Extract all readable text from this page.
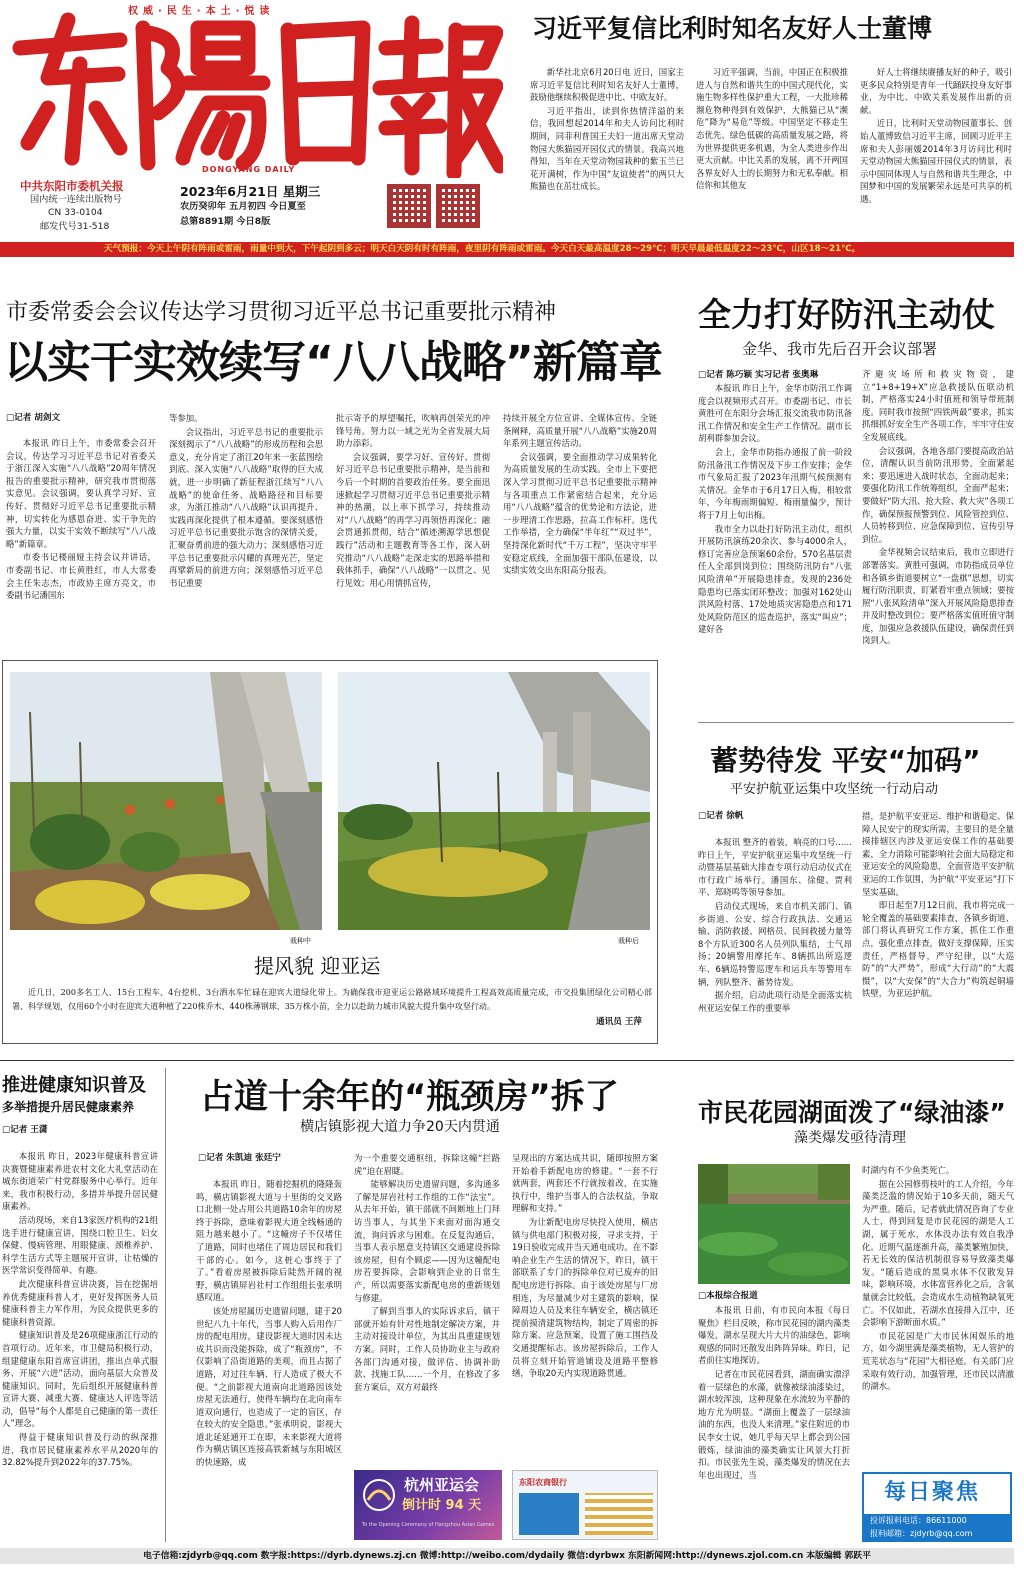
权威·民生·本土·悦读
DONGYANG DAILY
中共东阳市委机关报
国内统一连续出版物号
CN 33-0104
邮发代号31-518
2023年6月21日 星期三
农历癸卯年 五月初四 今日夏至
总第8891期 今日8版
天气预报：今天上午阴有阵雨或雷雨，雨量中到大，下午起阴到多云；明天白天阴有时有阵雨，夜里阴有阵雨或雷雨。今天白天最高温度28～29℃；明天早晨最低温度22～23℃，山区18～21℃。
习近平复信比利时知名友好人士董博

新华社北京6月20日电 近日，国家主席习近平复信比利时知名友好人士董博，鼓励他继续积极促进中比、中欧友好。

习近平指出，读到你热情洋溢的来信，我回想起2014年和夫人访问比利时期间，同菲利普国王夫妇一道出席天堂动物园大熊猫园开园仪式的情景。我高兴地得知，当年在天堂动物园栽种的紫玉兰已花开满树，作为中国“友谊使者”的两只大熊猫也在茁壮成长。

习近平强调，当前，中国正在积极推进人与自然和谐共生的中国式现代化，实施生物多样性保护重大工程，一大批珍稀濒危物种得到有效保护，大熊猫已从“濒危”降为“易危”等级。中国坚定不移走生态优先、绿色低碳的高质量发展之路，将为世界提供更多机遇，为全人类进步作出更大贡献。中比关系的发展，离不开两国各界友好人士的长期努力和无私奉献。相信你和其他友

好人士将继续赓播友好的种子，吸引更多民众特别是青年一代踊跃投身友好事业，为中比、中欧关系发展作出新的贡献。

近日，比利时天堂动物园董事长、创始人董博致信习近平主席，回顾习近平主席和夫人彭丽媛2014年3月访问比利时天堂动物园大熊猫园开园仪式的情景，表示中国同体现人与自然和谐共生理念，中国梦和中国的发展繁荣永远是可共享的机遇。

市委常委会会议传达学习贯彻习近平总书记重要批示精神
以实干实效续写“八八战略”新篇章
□记者 胡剑文

本报讯 昨日上午，市委常委会召开会议，传达学习习近平总书记对省委关于浙江深入实施“八八战略”20周年情况报告的重要批示精神，研究我市贯彻落实意见。会议强调，要认真学习好、宣传好、贯彻好习近平总书记重要批示精神，切实转化为感恩奋进、实干争先的强大力量，以实干实效不断续写“八八战略”新篇章。

市委书记楼丽娅主持会议并讲话，市委副书记、市长黄胜红，市人大常委会主任朱志杰，市政协主席方亮文，市委副书记潘国东

等参加。

会议指出，习近平总书记的重要批示深刻揭示了“八八战略”的形成历程和会思意义，充分肯定了浙江20年来一张蓝图绘到底、深入实施“八八战略”取得的巨大成就，进一步明确了新征程浙江续写“八八战略”的使命任务、战略路径和目标要求，为浙江推动“八八战略”认识再提升、实践再深化提供了根本遵循。要深刻感悟习近平总书记重要批示饱含的深情关爱，汇聚奋勇前进的强大动力；深刻感悟习近平总书记重要批示闪耀的真理光芒，坚定再擘新局的前进方向；深刻感悟习近平总书记重要

批示寄予的厚望嘱托，吹响再创荣光的冲锋号角。努力以一域之光为全省发展大局助力添彩。

会议强调，要学习好、宣传好、贯彻好习近平总书记重要批示精神，是当前和今后一个时期的首要政治任务。要全面迅速掀起学习贯彻习近平总书记重要批示精神的热潮，以上率下抓学习，持续推动对“八八战略”的再学习再领悟再深化；融会贯通抓贯彻，结合“循迹溯源学思想促践行”活动和主题教育等各工作，深入研究推动“八八战略”走深走实的思路举措和载体抓手，确保“八八战略”一以贯之、见行见效；用心用情抓宣传，

持续开展全方位宣讲、全媒体宣传、全链条阐释，高质量开展“八八战略”实施20周年系列主题宣传活动。

会议强调，要全面推动学习成果转化为高质量发展的生动实践。全市上下要把深入学习贯彻习近平总书记重要批示精神与各项重点工作紧密结合起来，充分运用“八八战略”蕴含的优势论和方法论，进一步理清工作思路，拉高工作标杆。选代工作举措，全力确保“半年红”“双过半”，坚持深化新时代“千万工程”，坚决守牢平安稳定底线，全面加强干部队伍建设，以实绩实效交出东阳高分报表。

全力打好防汛主动仗
金华、我市先后召开会议部署
□记者 陈巧颖 实习记者 张奥琳

本报讯 昨日上午，金华市防汛工作调度会以视频形式召开。市委副书记、市长黄胜可在东阳分会场汇报交流我市防汛备汛工作情况和安全生产工作情况。副市长胡利群参加会议。

会上，金华市防指办通报了前一阶段防汛备汛工作情况及下步工作安排；金华市气象局汇报了2023年汛期气候预测有关情况。金华市于6月17日入梅，相较常年，今年梅雨期偏短、梅雨量偏少，预计将于7月上旬出梅。

我市全力以赴打好防汛主动仗，组织开展防汛演练20余次、参与4000余人，修订完善应急预案60余份，570名基层责任人全部到岗到位；围绕防汛防台“八张风险清单”开展隐患排查，发现的236处隐患均已落实闭环整改；加强对162处山洪风险村落、17处地质灾害隐患点和171处风险防范区的巡查巡护，落实“叫应”；建好各

齐避灾场所和救灾物资，建立“1+8+19+X”应急救援队伍联动机制，严格落实24小时值班和领导带班制度。同时我市按照“四铁两最”要求，抓实抓细抓好安全生产各项工作，牢牢守住安全发展底线。

会议强调，各地各部门要提高政治站位，清醒认识当前防汛形势，全面紧起来；要迅速进入战时状态，全面动起来；要强化防汛工作统筹组织，全面严起来；要做好“防大汛、抢大险、救大灾”各项工作，确保预报预警到位、风险管控到位、人员转移到位、应急保障到位、宣传引导到位。

金华视频会议结束后，我市立即进行部署落实。黄胜可强调，市防指成员单位和各镇乡街道要树立“一盘棋”思想，切实履行防汛职责，盯紧看牢重点领域；要按照“八张风险清单”深入开展风险隐患排查并及时整改到位；要严格落实值班值守制度，加强应急救援队伍建设，确保责任到岗到人。

栽种中	栽种后
提风貌 迎亚运

近几日，200多名工人、15台工程车、4台挖机、3台洒水车忙碌在迎宾大道绿化带上。为确保我市迎亚运公路路域环境提升工程高效高质量完成，市交投集团绿化公司精心部署、科学规划，仅用60个小时在迎宾大道种植了220株乔木、440株薄钢球、35万株小苗，全力以赴助力城市风貌大提升集中攻坚行动。

通讯员 王萍
蓄势待发 平安“加码”
平安护航亚运集中攻坚统一行动启动
□记者 徐帆

本报讯 整齐的着装，响亮的口号……昨日上午，平安护航亚运集中攻坚统一行动暨基层基础大排查专项行动启动仪式在市行政广场举行。潘国东、徐健、贾利平、郑晓鸣等领导参加。

启动仪式现场，来自市机关部门、镇乡街道、公安、综合行政执法、交通运输、消防救援、网格员、民间救援力量等8个方队近300名人员列队集结，士气昂扬；20辆警用摩托车、8辆抓出所巡逻车、6辆巡特警巡逻车和运兵车等警用车辆，列队整齐、蓄势待发。

据介绍，启动此项行动是全面落实杭州亚运安保工作的重要举

措，是护航平安亚运、维护和谐稳定、保障人民安宁的现实所需，主要目的是全量摸排辖区内涉及亚运安保工作的基础要素，全力消除可能影响社会面大局稳定和亚运安全的风险隐患，全面营造平安护航亚运的工作氛围，为护航“平安亚运”打下坚实基础。

即日起至7月12日前，我市将完成一轮全覆盖的基础要素排查，各镇乡街道、部门将认真研究工作方案，抓住工作重点，强化重点排查，做好支撑保障，压实责任，严格督导，严守纪律，以“大巡防”的“大严势”，形成“大行动”的“大震慑”，以“大安保”的“大合力”构筑起铜墙铁壁，为亚运护航。

推进健康知识普及
多举措提升居民健康素养
□记者 王潇

本报讯 昨日，2023年健康科普宣讲决赛暨健康素养进农村文化大礼堂活动在城东街道荣广村党群服务中心举行。近年来，我市积极行动，多措并举提升居民健康素养。

活动现场，来自13家医疗机构的21组选手进行健康宣讲，围绕口腔卫生、妇女保健、慢病管理、用眼健康、颈椎养护、科学生活方式等主题展开宣讲，让枯燥的医学常识变得简单、有趣。

此次健康科普宣讲决赛，旨在挖掘培养优秀健康科普人才，更好发挥医务人员健康科普主力军作用，为民众提供更多的健康科普资源。

健康知识普及是26项健康浙江行动的首项行动。近年来，市卫健局积极行动，组建健康东阳首席宣讲团，推出点单式服务、开展“六进”活动，面向基层大众普及健康知识。同时，先后组织开展健康科普宣讲大赛、减重大赛、健康达人评选等活动，倡导“每个人都是自己健康的第一责任人”理念。

得益于健康知识普及行动的纵深推进，我市居民健康素养水平从2020年的32.82%提升到2022年的37.75%。

占道十余年的“瓶颈房”拆了
横店镇影视大道力争20天内贯通
□记者 朱凯迪 张廷宁

本报讯 昨日，随着挖掘机的隆隆轰鸣，横店镇影视大道与十里街的交叉路口北侧一处占用公共道路10余年的房屋终于拆除，意味着影视大道全线畅通的阻力越来越小了。“这幢房子不仅堵住了道路，同时也堵住了周边居民和我们干部的心。如今，这桩心事终于了了。”看着房屋被拆除后陡然开阔的视野，横店镇屏岩社村工作组组长张承明感叹道。

该处房屋属历史遗留问题，建于20世纪八九十年代，当事人购入后用作厂房的配电用房，建设影视大道时因未达成共识而没能拆除，成了“瓶颈房”，不仅影响了沿街道路的美观，而且占据了道路，对过往车辆、行人造成了极大不便。“之前影视大道南向北道路因该处房屋无法通行，使得车辆均在北向南车道双向通行，也造成了一定的盲区，存在较大的安全隐患。”张承明说，影视大道北延延通开工在即，未来影视大道将作为横店镇区连接高铁新城与东阳城区的快速路，成

为一个重要交通枢纽，拆除这幢“拦路虎”迫在眉睫。

能够解决历史遗留问题，多沟通多了解是屏岩社村工作组的工作“法宝”。从去年开始，镇干部就不间断地上门拜访当事人，与其坐下来面对面沟通交流，询问诉求与困难。在反复沟通后，当事人表示愿意支持镇区交通建设拆除该房屋，但有个顾虑——因为这幢配电房若要拆除，会影响到企业的日常生产，所以需要落实新配电房的重新规划与修建。

了解到当事人的实际诉求后，镇干部就开始有针对性地制定解决方案，并主动对接设计单位，为其出具重建规划方案。同时，工作人员协助业主与政府各部门沟通对接，做评估、协调补助款、找施工队……一个月，在修改了多套方案后，双方对最终

呈现出的方案达成共识，随即按照方案开始着手新配电房的修建。“一套不行就两套，两套还不行就按着改，在实施执行中，维护当事人的合法权益，争取理解和支持。”

为让新配电房尽快投入使用，横店镇与供电部门积极对接，寻求支持，于19日验收完成并当天通电成功。在不影响企业生产生活的情况下，昨日，镇干部联系了专门的拆除单位对已废弃的旧配电房进行拆除。由于该处房屋与厂房相连，为尽量减少对主建筑的影响，保障周边人员及来往车辆安全，横店镇还提前摸清建筑物结构，制定了周密的拆除方案、应急预案，设置了施工围挡及交通提醒标志。该房屋拆除后，工作人员将立刻开始管道铺设及道路平整修缮，争取20天内实现道路贯通。

杭州亚运会
倒计时 94 天
To the Opening Ceremony of Hangzhou Asian Games
东阳农商银行
市民花园湖面泼了“绿油漆”
藻类爆发亟待清理
□本报综合报道

本报讯 日前，有市民向本报《每日聚焦》栏目反映，称市民花园的湖内藻类爆发，湖水呈现大片大片的油绿色，影响观感的同时还散发出阵阵异味。昨日，记者前往实地探访。

记者在市民花园看到，湖面确实漂浮着一层绿色的水藻，就像被绿油漆染过，湖水较浑浊，这种现象在水流较为平静的地方尤为明显。“湖面上覆盖了一层绿油油的东西，也没人来清理。”家住附近的市民李女士说，她几乎每天早上都会到公园锻炼，绿油油的藻类确实让风景大打折扣。市民张先生说，藻类爆发的情况在去年也出现过，当

时湖内有不少鱼类死亡。

据在公园修剪枝叶的工人介绍，今年藻类泛滥的情况始于10多天前，随天气为严重。随后，记者就此情况咨询了专业人士，得到回复是市民花园的湖是人工湖，属于死水，水体没办法有效自我净化。近期气温逐渐升高，藻类繁殖加快，若无长效的保洁机制很容易导致藻类爆发。“随后造成的黑臭水体不仅散发异味，影响环境，水体富营养化之后，含氧量就会比较低，会造成水生动植物缺氧死亡。不仅如此，若湖水直接排入江中，还会影响下游断面水质。”

市民花园是广大市民休闲娱乐的地方，如今湖里满是藻类植物，无人管护的荒芜状态与“花园”大相径庭。有关部门应采取有效行动，加强管理，还市民以清澈的湖水。

每日聚焦
投诉报料电话：86611000
报料邮箱：zjdyrb@qq.com
电子信箱:zjdyrb@qq.com 数字报:https://dyrb.dynews.zj.cn 微博:http://weibo.com/dydaily 微信:dyrbwx 东阳新闻网:http://dynews.zjol.com.cn 本版编辑 郭跃平
